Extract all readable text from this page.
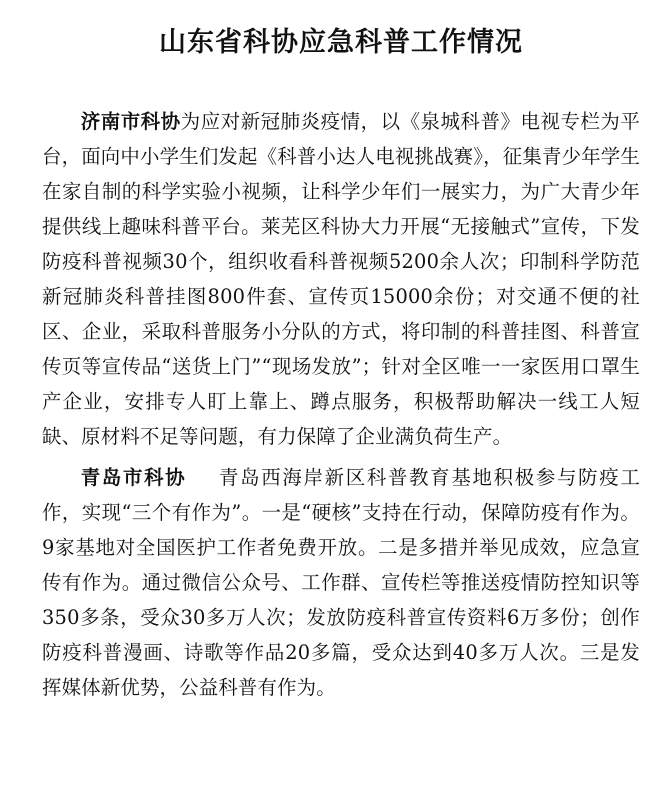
山东省科协应急科普工作情况

济南市科协为应对新冠肺炎疫情，以《泉城科普》电视专栏为平台，面向中小学生们发起《科普小达人电视挑战赛》，征集青少年学生在家自制的科学实验小视频，让科学少年们一展实力，为广大青少年提供线上趣味科普平台。莱芜区科协大力开展“无接触式”宣传，下发防疫科普视频30个，组织收看科普视频5200余人次；印制科学防范新冠肺炎科普挂图800件套、宣传页15000余份；对交通不便的社区、企业，采取科普服务小分队的方式，将印制的科普挂图、科普宣传页等宣传品“送货上门”“现场发放”；针对全区唯一一家医用口罩生产企业，安排专人盯上靠上、蹲点服务，积极帮助解决一线工人短缺、原材料不足等问题，有力保障了企业满负荷生产。

青岛市科协 青岛西海岸新区科普教育基地积极参与防疫工作，实现“三个有作为”。一是“硬核”支持在行动，保障防疫有作为。9家基地对全国医护工作者免费开放。二是多措并举见成效，应急宣传有作为。通过微信公众号、工作群、宣传栏等推送疫情防控知识等350多条，受众30多万人次；发放防疫科普宣传资料6万多份；创作防疫科普漫画、诗歌等作品20多篇，受众达到40多万人次。三是发挥媒体新优势，公益科普有作为。
